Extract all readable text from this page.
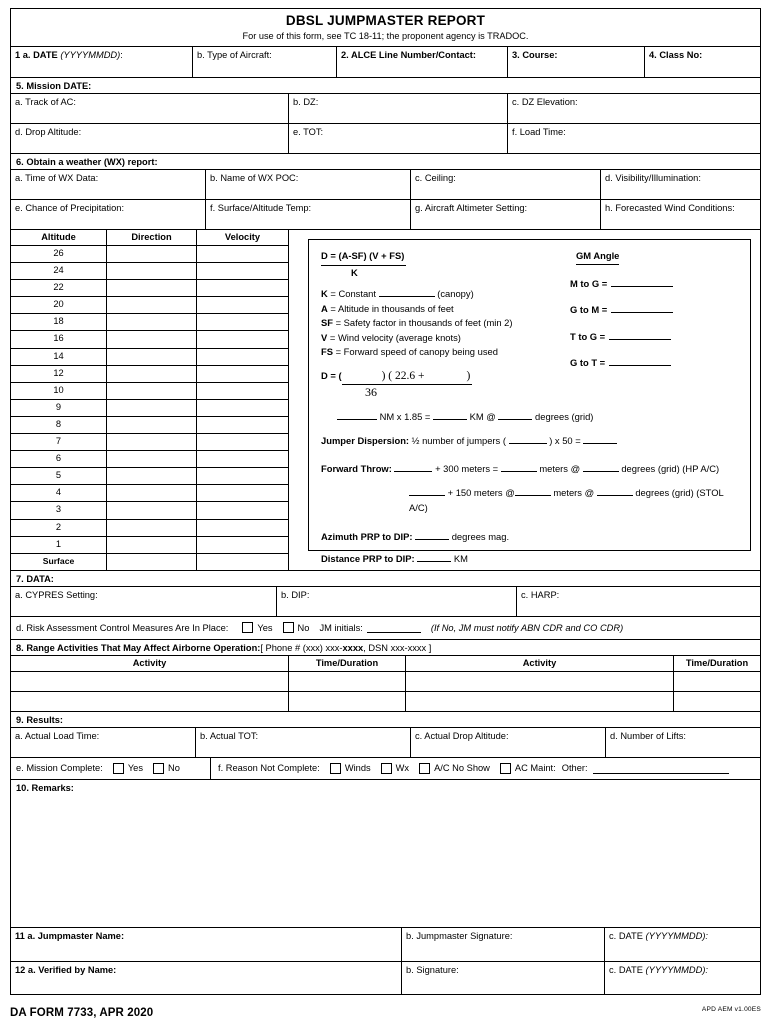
DBSL JUMPMASTER REPORT
For use of this form, see TC 18-11; the proponent agency is TRADOC.
1 a. DATE (YYYYMMDD):	b. Type of Aircraft:	2. ALCE Line Number/Contact:	3. Course:	4. Class No:
5. Mission DATE:
a. Track of AC:	b. DZ:	c. DZ Elevation:
d. Drop Altitude:	e. TOT:	f. Load Time:
6. Obtain a weather (WX) report:
a. Time of WX Data:	b. Name of WX POC:	c. Ceiling:	d. Visibility/Illumination:
e. Chance of Precipitation:	f. Surface/Altitude Temp:	g. Aircraft Altimeter Setting:	h. Forecasted Wind Conditions:
Altitude	Direction	Velocity
26
24
22
20
18
16
14
12
10
9
8
7
6
5
4
3
2
1
Surface
D = (A-SF) (V + FS)
K
K = Constant	(canopy)
A = Altitude in thousands of feet
SF = Safety factor in thousands of feet (min 2)
V = Wind velocity (average knots)
FS = Forward speed of canopy being used
D = (	) ( 22.6 +	)
36
NM x 1.85 =	KM @	degrees (grid)
Jumper Dispersion: ½ number of jumpers (	) x 50 =
Forward Throw:	+ 300 meters =	meters @	degrees (grid) (HP A/C)
+ 150 meters @	meters @	degrees (grid) (STOL A/C)
Azimuth PRP to DIP:	degrees mag.
Distance PRP to DIP:	KM
GM Angle
M to G =
G to M =
T to G =
G to T =
7. DATA:
a. CYPRES Setting:	b. DIP:	c. HARP:
d. Risk Assessment Control Measures Are In Place:	Yes	No JM initials:	(If No, JM must notify ABN CDR and CO CDR)
8. Range Activities That May Affect Airborne Operation:[ Phone # (xxx) xxx-xxxx, DSN xxx-xxxx ]
Activity	Time/Duration	Activity	Time/Duration
9. Results:
a. Actual Load Time:	b. Actual TOT:	c. Actual Drop Altitude:	d. Number of Lifts:
e. Mission Complete:	Yes	No	f. Reason Not Complete:	Winds	Wx	A/C No Show	AC Maint: Other:
10. Remarks:
11 a. Jumpmaster Name:	b. Jumpmaster Signature:	c. DATE (YYYYMMDD):
12 a. Verified by Name:	b. Signature:	c. DATE (YYYYMMDD):
DA FORM 7733, APR 2020	APD AEM v1.00ES
